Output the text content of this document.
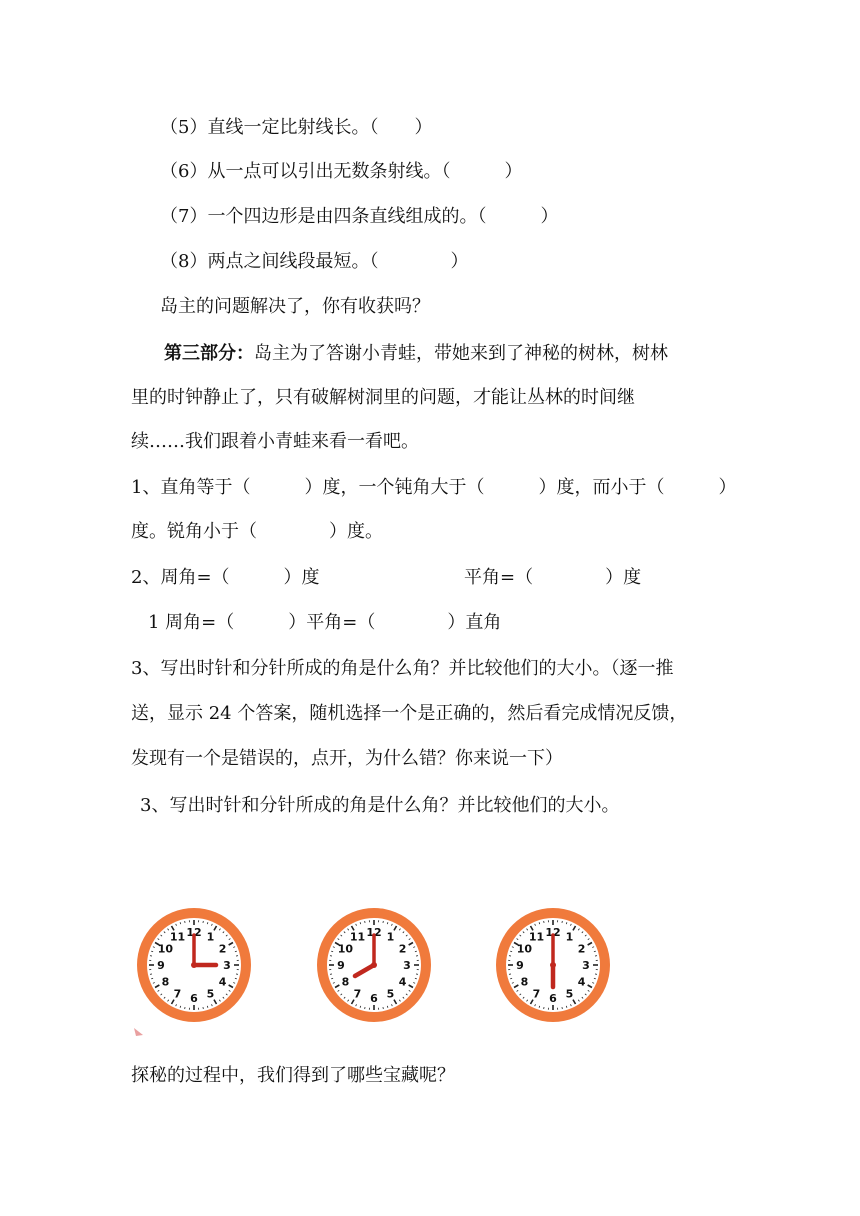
（5）直线一定比射线长。（　　）
（6）从一点可以引出无数条射线。（　　　）
（7）一个四边形是由四条直线组成的。（　　　）
（8）两点之间线段最短。（　　　　）
岛主的问题解决了，你有收获吗？
第三部分：岛主为了答谢小青蛙，带她来到了神秘的树林，树林
里的时钟静止了，只有破解树洞里的问题，才能让丛林的时间继
续……我们跟着小青蛙来看一看吧。
1、直角等于（　　　）度，一个钝角大于（　　　）度，而小于（　　　）
度。锐角小于（　　　　）度。
2、周角=（　　　）度	平角=（　　　　）度
1 周角=（　　　）平角=（　　　　）直角
3、写出时针和分针所成的角是什么角？并比较他们的大小。（逐一推
送，显示 24 个答案，随机选择一个是正确的，然后看完成情况反馈，
发现有一个是错误的，点开，为什么错？你来说一下）
3、写出时针和分针所成的角是什么角？并比较他们的大小。
1
2
3
4
5
6
7
8
9
10
11 12	1
2
3
4
5
6
7
8
9
10
11 12	1
2
3
4
5
6
7
8
9
10
11 12
探秘的过程中，我们得到了哪些宝藏呢？
